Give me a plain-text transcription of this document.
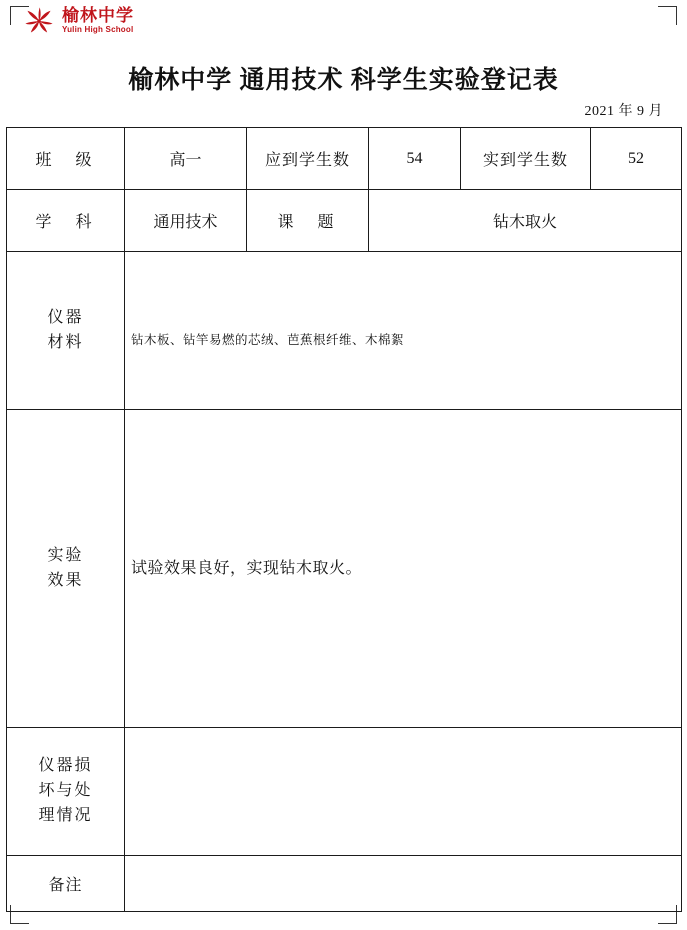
榆林中学
Yulin High School
榆林中学 通用技术 科学生实验登记表
2021 年 9 月
班　级	高一	应到学生数	54	实到学生数	52
学　科	通用技术	课　题	钻木取火		

仪器
材料	钻木板、钻竿易燃的芯绒、芭蕉根纤维、木棉絮				

实验
效果	试验效果良好，实现钻木取火。				

仪器损
坏与处
理情况					

备注					
